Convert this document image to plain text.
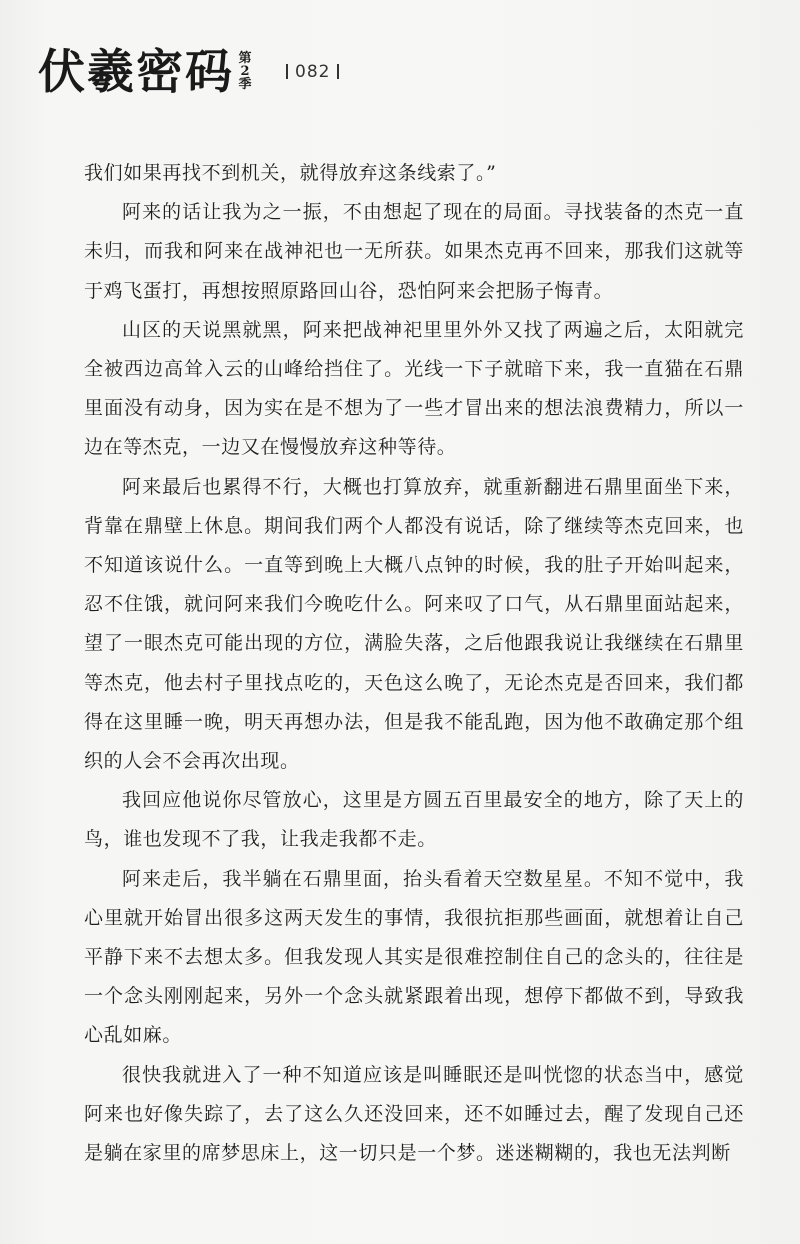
伏羲密码 第
2
季
082

我们如果再找不到机关，就得放弃这条线索了。”

阿来的话让我为之一振，不由想起了现在的局面。寻找装备的杰克一直未归，而我和阿来在战神祀也一无所获。如果杰克再不回来，那我们这就等于鸡飞蛋打，再想按照原路回山谷，恐怕阿来会把肠子悔青。

山区的天说黑就黑，阿来把战神祀里里外外又找了两遍之后，太阳就完全被西边高耸入云的山峰给挡住了。光线一下子就暗下来，我一直猫在石鼎里面没有动身，因为实在是不想为了一些才冒出来的想法浪费精力，所以一边在等杰克，一边又在慢慢放弃这种等待。

阿来最后也累得不行，大概也打算放弃，就重新翻进石鼎里面坐下来，背靠在鼎壁上休息。期间我们两个人都没有说话，除了继续等杰克回来，也不知道该说什么。一直等到晚上大概八点钟的时候，我的肚子开始叫起来，忍不住饿，就问阿来我们今晚吃什么。阿来叹了口气，从石鼎里面站起来，望了一眼杰克可能出现的方位，满脸失落，之后他跟我说让我继续在石鼎里等杰克，他去村子里找点吃的，天色这么晚了，无论杰克是否回来，我们都得在这里睡一晚，明天再想办法，但是我不能乱跑，因为他不敢确定那个组织的人会不会再次出现。

我回应他说你尽管放心，这里是方圆五百里最安全的地方，除了天上的鸟，谁也发现不了我，让我走我都不走。

阿来走后，我半躺在石鼎里面，抬头看着天空数星星。不知不觉中，我心里就开始冒出很多这两天发生的事情，我很抗拒那些画面，就想着让自己平静下来不去想太多。但我发现人其实是很难控制住自己的念头的，往往是一个念头刚刚起来，另外一个念头就紧跟着出现，想停下都做不到，导致我心乱如麻。

很快我就进入了一种不知道应该是叫睡眠还是叫恍惚的状态当中，感觉阿来也好像失踪了，去了这么久还没回来，还不如睡过去，醒了发现自己还是躺在家里的席梦思床上，这一切只是一个梦。迷迷糊糊的，我也无法判断
